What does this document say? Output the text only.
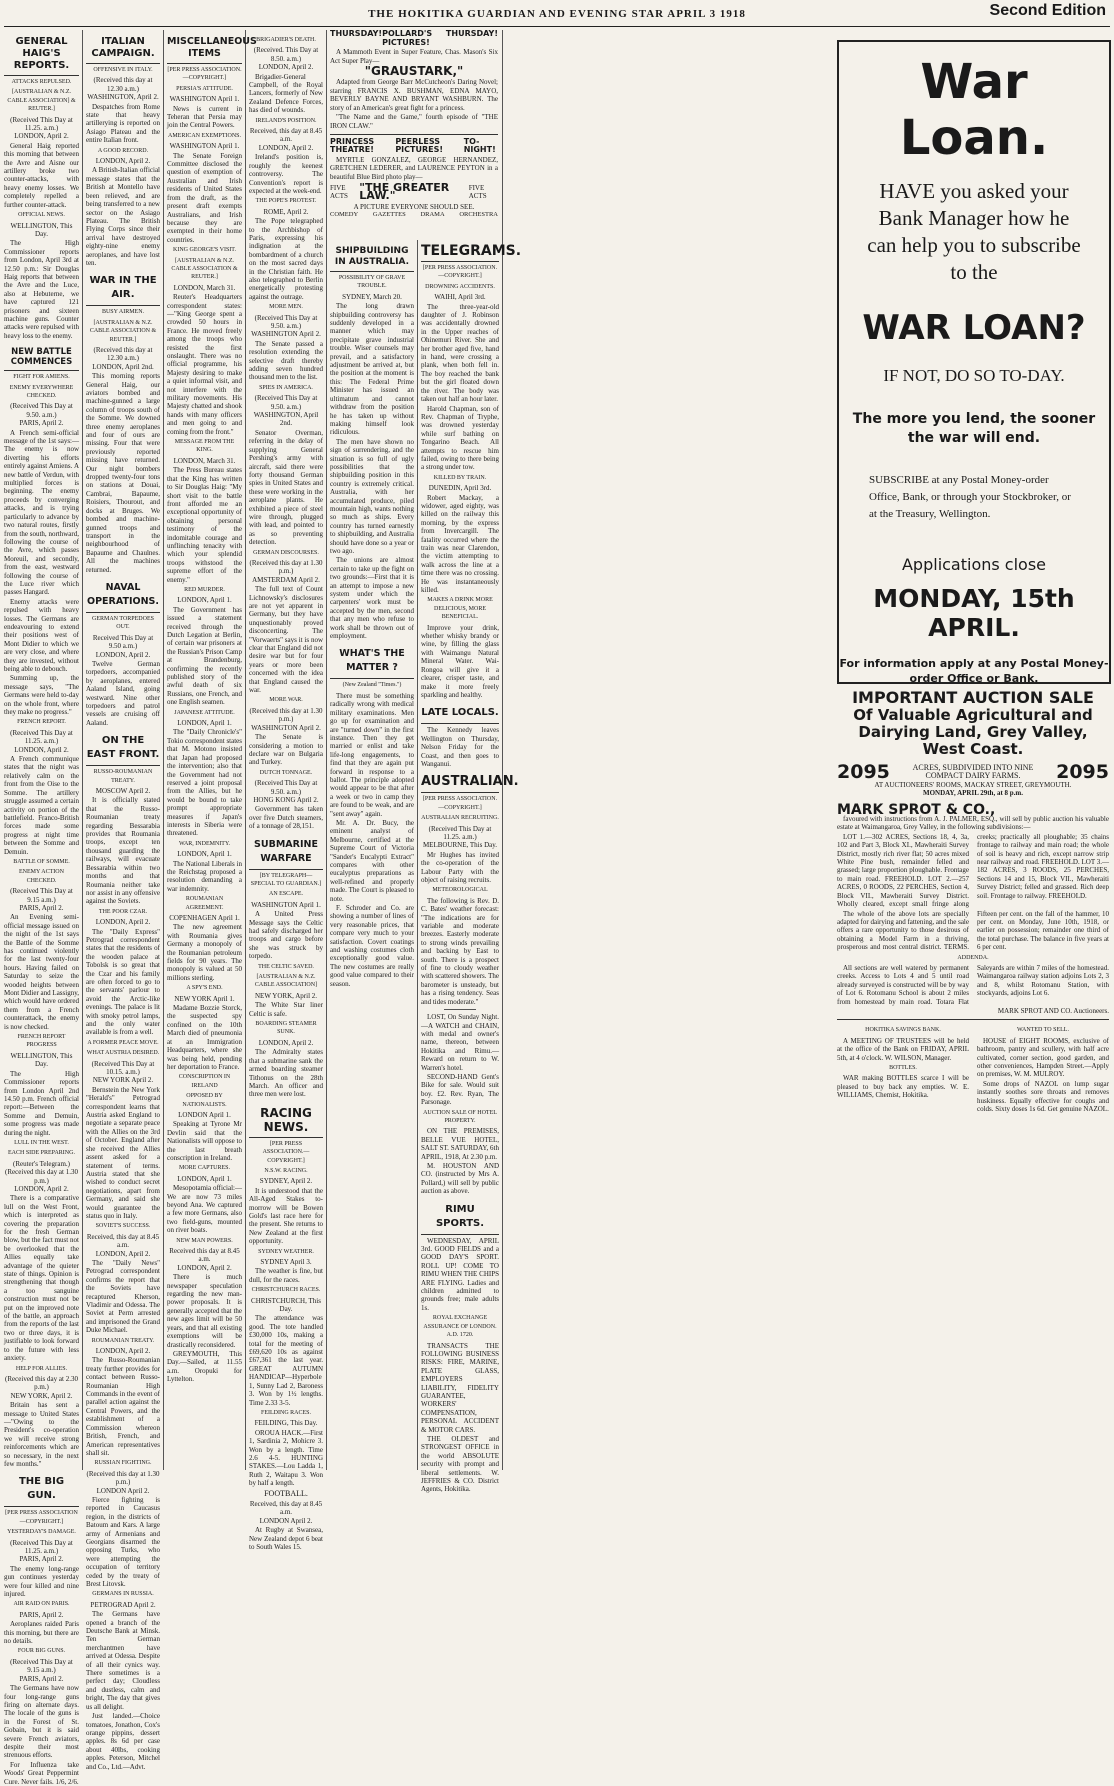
THE HOKITIKA GUARDIAN AND EVENING STAR APRIL 3 1918	Second Edition
GENERAL HAIG'S REPORTS.
ATTACKS REPULSED.
[AUSTRALIAN & N.Z. CABLE ASSOCIATION] & REUTER.]
(Received This Day at 11.25. a.m.)
LONDON, April 2.
General Haig reported this morning that between the Avre and Aisne our artillery broke two counter-attacks, with heavy enemy losses. We completely repelled a further counter-attack.
OFFICIAL NEWS.
WELLINGTON, This Day.
The High Commissioner reports from London, April 3rd at 12.50 p.m.: Sir Douglas Haig reports that between the Avre and the Luce, also at Hebuterne, we have captured 121 prisoners and sixteen machine guns. Counter attacks were repulsed with heavy loss to the enemy.
NEW BATTLE COMMENCES
FIGHT FOR AMIENS.
ENEMY EVERYWHERE CHECKED.
(Received This Day at 9.50. a.m.)
PARIS, April 2.
A French semi-official message of the 1st says:—The enemy is now diverting his efforts entirely against Amiens. A new battle of Verdun, with multiplied forces is beginning. The enemy proceeds by converging attacks, and is trying particularly to advance by two natural routes, firstly from the south, northward, following the course of the Avre, which passes Moreuil, and secondly, from the east, westward following the course of the Luce river which passes Hangard.
Enemy attacks were repulsed with heavy losses. The Germans are endeavouring to extend their positions west of Mont Didier to which we are very close, and where they are invested, without being able to debouch.
Summing up, the message says, "The Germans were held to-day on the whole front, where they make no progress."
FRENCH REPORT.
(Received This Day at 11.25. a.m.)
LONDON, April 2.
A French communique states that the night was relatively calm on the front from the Oise to the Somme. The artillery struggle assumed a certain activity on portion of the battlefield. Franco-British forces made some progress at night time between the Somme and Demuin.
BATTLE OF SOMME.
ENEMY ACTION CHECKED.
(Received This Day at 9.15 a.m.)
PARIS, April 2.
An Evening semi-official message issued on the night of the 1st says the Battle of the Somme has continued violently for the last twenty-four hours. Having failed on Saturday to seize the wooded heights between Mont Didier and Lassigny, which would have ordered them from a French counterattack, the enemy is now checked.
FRENCH REPORT PROGRESS
WELLINGTON, This Day.
The High Commissioner reports from London April 2nd 14.50 p.m. French official report:—Between the Somme and Demuin, some progress was made during the night.
LULL IN THE WEST.
EACH SIDE PREPARING.
(Reuter's Telegram.)
(Received this day at 1.30 p.m.)
LONDON, April 2.
There is a comparative lull on the West Front, which is interpreted as covering the preparation for the fresh German blow, but the fact must not be overlooked that the Allies equally take advantage of the quieter state of things. Opinion is strengthening that though a too sanguine construction must not be put on the improved note of the battle, an approach from the reports of the last two or three days, it is justifiable to look forward to the future with less anxiety.
HELP FOR ALLIES.
(Received this day at 2.30 p.m.)
NEW YORK, April 2.
Britain has sent a message to United States—"Owing to the President's co-operation we will receive strong reinforcements which are so necessary, in the next few months."
THE BIG GUN.
[PER PRESS ASSOCIATION—COPYRIGHT.]
YESTERDAY'S DAMAGE.
(Received This Day at 11.25. a.m.)
PARIS, April 2.
The enemy long-range gun continues yesterday were four killed and nine injured.
AIR RAID ON PARIS.
PARIS, April 2.
Aeroplanes raided Paris this morning, but there are no details.
FOUR BIG GUNS.
(Received This Day at 9.15 a.m.)
PARIS, April 2.
The Germans have now four long-range guns firing on alternate days. The locale of the guns is in the Forest of St. Gobain, but it is said severe French aviators, despite their most strenuous efforts.
For Influenza take Woods' Great Peppermint Cure. Never fails. 1/6, 2/6.
ITALIAN CAMPAIGN.
OFFENSIVE IN ITALY.
(Received this day at 12.30 a.m.)
WASHINGTON, April 2.
Despatches from Rome state that heavy artillerying is reported on Asiago Plateau and the entire Italian front.
A GOOD RECORD.
LONDON, April 2.
A British-Italian official message states that the British at Montello have been relieved, and are being transferred to a new sector on the Asiago Plateau. The British Flying Corps since their arrival have destroyed eighty-nine enemy aeroplanes, and have lost ten.
WAR IN THE AIR.
BUSY AIRMEN.
[AUSTRALIAN & N.Z. CABLE ASSOCIATION & REUTER.]
(Received this day at 12.30 a.m.)
LONDON, April 2nd.
This morning reports General Haig, our aviators bombed and machine-gunned a large column of troops south of the Somme. We downed three enemy aeroplanes and four of ours are missing. Four that were previously reported missing have returned. Our night bombers dropped twenty-four tons on stations at Douai, Cambrai, Bapaume, Roisiers, Thourout, and docks at Bruges. We bombed and machine-gunned troops and transport in the neighbourhood of Bapaume and Chaulnes. All the machines returned.
NAVAL OPERATIONS.
GERMAN TORPEDOES OUT.
Received This Day at 9.50 a.m.)
LONDON, April 2.
Twelve German torpedoers, accompanied by aeroplanes, entered Aaland Island, going westward. Nine other torpedoers and patrol vessels are cruising off Aaland.
ON THE EAST FRONT.
RUSSO-ROUMANIAN TREATY.
MOSCOW April 2.
It is officially stated that the Russo-Roumanian treaty regarding Bessarabia provides that Roumania troops, except ten thousand guarding the railways, will evacuate Bessarabia within two months and that Roumania neither take nor assist in any offensive against the Soviets.
THE POOR CZAR.
LONDON, April 2.
The "Daily Express" Petrograd correspondent states that the residents of the wooden palace at Tobolsk is so great that the Czar and his family are often forced to go to the servants' parlour to avoid the Arctic-like evenings. The palace is lit with smoky petrol lamps, and the only water available is from a well.
A FORMER PEACE MOVE.
WHAT AUSTRIA DESIRED.
(Received This Day at 10.15. a.m.)
NEW YORK April 2.
Bernstein the New York "Herald's" Petrograd correspondent learns that Austria asked England to negotiate a separate peace with the Allies on the 3rd of October. England after she received the Allies assent asked for a statement of terms. Austria stated that she wished to conduct secret negotiations, apart from Germany, and said she would guarantee the status quo in Italy.
SOVIET'S SUCCESS.
Received, this day at 8.45 a.m.
LONDON, April 2.
The "Daily News" Petrograd correspondent confirms the report that the Soviets have recaptured Kherson, Vladimir and Odessa. The Soviet at Perm arrested and imprisoned the Grand Duke Michael.
ROUMANIAN TREATY.
LONDON, April 2.
The Russo-Roumanian treaty further provides for contact between Russo-Roumanian High Commands in the event of parallel action against the Central Powers, and the establishment of a Commission whereon British, French, and American representatives shall sit.
RUSSIAN FIGHTING.
(Received this day at 1.30 p.m.)
LONDON April 2.
Fierce fighting is reported in Caucasus region, in the districts of Batoum and Kars. A large army of Armenians and Georgians disarmed the opposing Turks, who were attempting the occupation of territory ceded by the treaty of Brest Litovsk.
GERMANS IN RUSSIA.
PETROGRAD April 2.
The Germans have opened a branch of the Deutsche Bank at Minsk. Ten German merchantmen have arrived at Odessa. Despite of all their cynics way. There sometimes is a perfect day; Cloudless and dustless, calm and bright, The day that gives us all delight.
Just landed.—Choice tomatoes, Jonathon, Cox's orange pippins, dessert apples. 8s 6d per case about 40lbs, cooking apples. Peterson, Mitchel and Co., Ltd.—Advt.
MISCELLANEOUS ITEMS
[PER PRESS ASSOCIATION.—COPYRIGHT.]
PERSIA'S ATTITUDE.
WASHINGTON April 1.
News is current in Teheran that Persia may join the Central Powers.
AMERICAN EXEMPTIONS.
WASHINGTON April 1.
The Senate Foreign Committee disclosed the question of exemption of Australian and Irish residents of United States from the draft, as the present draft exempts Australians, and Irish because they are exempted in their home countries.
KING GEORGE'S VISIT.
[AUSTRALIAN & N.Z. CABLE ASSOCIATION & REUTER.]
LONDON, March 31.
Reuter's Headquarters correspondent states:—"King George spent a crowded 50 hours in France. He moved freely among the troops who resisted the first onslaught. There was no official programme, his Majesty desiring to make a quiet informal visit, and not interfere with the military movements. His Majesty chatted and shook hands with many officers and men going to and coming from the front."
MESSAGE FROM THE KING.
LONDON, March 31.
The Press Bureau states that the King has written to Sir Douglas Haig: "My short visit to the battle front afforded me an exceptional opportunity of obtaining personal testimony of the indomitable courage and unflinching tenacity with which your splendid troops withstood the supreme effort of the enemy."
RED MURDER.
LONDON, April 1.
The Government has issued a statement received through the Dutch Legation at Berlin, of certain war prisoners at the Russian's Prison Camp at Brandenburg, confirming the recently published story of the awful death of six Russians, one French, and one English seamen.
JAPANESE ATTITUDE.
LONDON, April 1.
The "Daily Chronicle's" Tokio correspondent states that M. Motono insisted that Japan had proposed the intervention; also that the Government had not reserved a joint proposal from the Allies, but he would be bound to take prompt appropriate measures if Japan's interests in Siberia were threatened.
WAR, INDEMNITY.
LONDON, April 1.
The National Liberals in the Reichstag proposed a resolution demanding a war indemnity.
ROUMANIAN AGREEMENT.
COPENHAGEN April 1.
The new agreement with Roumania gives Germany a monopoly of the Roumanian petroleum fields for 90 years. The monopoly is valued at 50 millions sterling.
A SPY'S END.
NEW YORK April 1.
Madame Bozzie Storck, the suspected spy confined on the 10th March died of pneumonia at an Immigration Headquarters, where she was being held, pending her deportation to France.
CONSCRIPTION IN IRELAND
OPPOSED BY NATIONALISTS.
LONDON April 1.
Speaking at Tyrone Mr Devlin said that the Nationalists will oppose to the last breath conscription in Ireland.
MORE CAPTURES.
LONDON, April 1.
Mesopotamia official:—We are now 73 miles beyond Ana. We captured a few more Germans, also two field-guns, mounted on river boats.
NEW MAN POWERS.
Received this day at 8.45 a.m.
LONDON, April 2.
There is much newspaper speculation regarding the new man-power proposals. It is generally accepted that the new ages limit will be 50 years, and that all existing exemptions will be drastically reconsidered.
GREYMOUTH, This Day.—Sailed, at 11.55 a.m. Oropuki for Lyttelton.
BRIGADIER'S DEATH.
(Received. This Day at 8.50. a.m.)
LONDON, April 2.
Brigadier-General Campbell, of the Royal Lancers, formerly of New Zealand Defence Forces, has died of wounds.
IRELAND'S POSITION.
Received, this day at 8.45 a.m.
LONDON, April 2.
Ireland's position is, roughly the keenest controversy. The Convention's report is expected at the week-end.
THE POPE'S PROTEST.
ROME, April 2.
The Pope telegraphed to the Archbishop of Paris, expressing his indignation at the bombardment of a church on the most sacred days in the Christian faith. He also telegraphed to Berlin energetically protesting against the outrage.
MORE MEN.
(Received This Day at 9.50. a.m.)
WASHINGTON April 2.
The Senate passed a resolution extending the selective draft thereby adding seven hundred thousand men to the list.
SPIES IN AMERICA.
(Received This Day at 9.50. a.m.)
WASHINGTON, April 2nd.
Senator Overman, referring in the delay of supplying General Pershing's army with aircraft, said there were forty thousand German spies in United States and these were working in the aeroplane plants. He exhibited a piece of steel wire through, plugged with lead, and pointed to as so preventing detection.
GERMAN DISCOURSES.
(Received this day at 1.30 p.m.)
AMSTERDAM April 2.
The full text of Count Lichnowsky's disclosures are not yet apparent in Germany, but they have unquestionably proved disconcerting. The "Vorwaerts" says it is now clear that England did not desire war but for four years or more been concerned with the idea that England caused the war.
MORE WAR.
(Received this day at 1.30 p.m.)
WASHINGTON April 2.
The Senate is considering a motion to declare war on Bulgaria and Turkey.
DUTCH TONNAGE.
(Received This Day at 9.50. a.m.)
HONG KONG April 2.
Government has taken over five Dutch steamers, of a tonnage of 28,151.
SUBMARINE WARFARE
[BY TELEGRAPH—SPECIAL TO GUARDIAN.]
AN ESCAPE.
WASHINGTON April 1.
A United Press Message says the Celtic had safely discharged her troops and cargo before she was struck by torpedo.
THE CELTIC SAVED.
[AUSTRALIAN & N.Z. CABLE ASSOCIATION]
NEW YORK, April 2.
The White Star liner Celtic is safe.
BOARDING STEAMER SUNK.
LONDON, April 2.
The Admiralty states that a submarine sank the armed boarding steamer Tithonus on the 28th March. An officer and three men were lost.
RACING NEWS.
[PER PRESS ASSOCIATION.—COPYRIGHT.]
N.S.W. RACING.
SYDNEY, April 2.
It is understood that the All-Aged Stakes to-morrow will be Bowen Gold's last race here for the present. She returns to New Zealand at the first opportunity.
SYDNEY WEATHER.
SYDNEY April 3.
The weather is fine, but dull, for the races.
CHRISTCHURCH RACES.
CHRISTCHURCH, This Day.
The attendance was good. The tote handled £30,000 10s, making a total for the meeting of £69,620 10s as against £67,361 the last year. GREAT AUTUMN HANDICAP—Hyperbole 1, Sunny Lad 2, Baroness 3. Won by 1½ lengths. Time 2.33 3-5.
FEILDING RACES.
FEILDING, This Day.
OROUA HACK.—First 1, Sardinia 2, Mohicre 3. Won by a length. Time 2.6 4-5. HUNTING STAKES.—Lou Ladda 1, Ruth 2, Waitapu 3. Won by half a length.
FOOTBALL.
Received, this day at 8.45 a.m.
LONDON April 2.
At Rugby at Swansea, New Zealand depot 6 beat to South Wales 15.
THURSDAY! POLLARD'S PICTURES!
THURSDAY!
A Mammoth Event in Super Feature, Chas. Mason's Six Act Super Play—
"GRAUSTARK,"
Adapted from George Barr McCutcheon's Daring Novel; starring FRANCIS X. BUSHMAN, EDNA MAYO, BEVERLY BAYNE AND BRYANT WASHBURN. The story of an American's great fight for a princess.
"The Name and the Game," fourth episode of "THE IRON CLAW."
PRINCESS THEATRE!
PEERLESS PICTURES!
TO-NIGHT!
MYRTLE GONZALEZ, GEORGE HERNANDEZ, GRETCHEN LEDERER, and LAURENCE PEYTON in a beautiful Blue Bird photo play—
FIVE ACTS
"THE GREATER LAW."
FIVE ACTS
A PICTURE EVERYONE SHOULD SEE.
COMEDY GAZETTES DRAMA ORCHESTRA
SHIPBUILDING IN AUSTRALIA.
POSSIBILITY OF GRAVE TROUBLE.
SYDNEY, March 20.
The long drawn shipbuilding controversy has suddenly developed in a manner which may precipitate grave industrial trouble. Wiser counsels may prevail, and a satisfactory adjustment be arrived at, but the position at the moment is this: The Federal Prime Minister has issued an ultimatum and cannot withdraw from the position he has taken up without making himself look ridiculous.
The men have shown no sign of surrendering, and the situation is so full of ugly possibilities that the shipbuilding position in this country is extremely critical. Australia, with her accumulated produce, piled mountain high, wants nothing so much as ships. Every country has turned earnestly to shipbuilding, and Australia should have done so a year or two ago.
The unions are almost certain to take up the fight on two grounds:—First that it is an attempt to impose a new system under which the carpenters' work must be accepted by the men, second that any men who refuse to work shall be thrown out of employment.
WHAT'S THE MATTER ?
(New Zealand "Times.")
There must be something radically wrong with medical military examinations. Men go up for examination and are "turned down" in the first instance. Then they get married or enlist and take life-long engagements, to find that they are again put forward in response to a ballot. The principle adopted would appear to be that after a week or two in camp they are found to be weak, and are "sent away" again.
Mr. A. Dr. Bucy, the eminent analyst of Melbourne, certified at the Supreme Court of Victoria "Sander's Eucalypti Extract" compares with other eucalyptus preparations as well-refined and properly made. The Court is pleased to note.
F. Schroder and Co. are showing a number of lines of very reasonable prices, that compare very much to your satisfaction. Covert coatings and washing costumes cloth exceptionally good value. The new costumes are really good value compared to their season.
TELEGRAMS.
[PER PRESS ASSOCIATION.—COPYRIGHT.]
DROWNING ACCIDENTS.
WAIHI, April 3rd.
The three-year-old daughter of J. Robinson was accidentally drowned in the Upper reaches of Ohinemuri River. She and her brother aged five, hand in hand, were crossing a plank, when both fell in. The boy reached the bank but the girl floated down the river. The body was taken out half an hour later.
Harold Chapman, son of Rev. Chapman of Tryphe, was drowned yesterday while surf bathing on Tongarino Beach. All attempts to rescue him failed, owing to there being a strong under tow.
KILLED BY TRAIN.
DUNEDIN, April 3rd.
Robert Mackay, a widower, aged eighty, was killed on the railway this morning, by the express from Invercargill. The fatality occurred where the train was near Clarendon, the victim attempting to walk across the line at a time there was no crossing. He was instantaneously killed.
MAKES A DRINK MORE DELICIOUS, MORE BENEFICIAL.
Improve your drink, whether whisky brandy or wine, by filling the glass with Waimangu Natural Mineral Water. Wai-Rongoa will give it a clearer, crisper taste, and make it more freely sparkling and healthy.
LATE LOCALS.
The Kennedy leaves Wellington on Thursday, Nelson Friday for the Coast, and then goes to Wanganui.
AUSTRALIAN.
[PER PRESS ASSOCIATION.—COPYRIGHT.]
AUSTRALIAN RECRUITING.
(Received This Day at 11.25. a.m.)
MELBOURNE, This Day.
Mr Hughes has invited the co-operation of the Labour Party with the object of raising recruits.
METEOROLOGICAL
The following is Rev. D. C. Bates' weather forecast: "The indications are for variable and moderate breezes. Easterly moderate to strong winds prevailing and backing by East to south. There is a prospect of fine to cloudy weather with scattered showers. The barometer is unsteady, but has a rising tendency. Seas and tides moderate."
LOST, On Sunday Night.—A WATCH and CHAIN, with medal and owner's name, thereon, between Hokitika and Rimu.—Reward on return to W. Warren's hotel.
SECOND-HAND Gent's Bike for sale. Would suit boy. £2. Rev. Ryan, The Parsonage.
AUCTION SALE OF HOTEL PROPERTY.
ON THE PREMISES, BELLE VUE HOTEL, SALT ST. SATURDAY, 6th APRIL, 1918, At 2.30 p.m.
M. HOUSTON AND CO. (instructed by Mrs A. Pollard,) will sell by public auction as above.
RIMU SPORTS.
WEDNESDAY, APRIL 3rd. GOOD FIELDS and a GOOD DAY'S SPORT. ROLL UP! COME TO RIMU WHEN THE CHIPS ARE FLYING. Ladies and children admitted to grounds free; male adults 1s.
ROYAL EXCHANGE ASSURANCE OF LONDON. A.D. 1720.
TRANSACTS THE FOLLOWING BUSINESS RISKS: FIRE, MARINE, PLATE GLASS, EMPLOYERS LIABILITY, FIDELITY GUARANTEE, WORKERS' COMPENSATION, PERSONAL ACCIDENT & MOTOR CARS.
THE OLDEST and STRONGEST OFFICE in the world ABSOLUTE security with prompt and liberal settlements. W. JEFFRIES & CO. District Agents, Hokitika.
War Loan.
HAVE you asked your Bank Manager how he can help you to subscribe to the
WAR LOAN?
IF NOT, DO SO TO-DAY.
The more you lend, the sooner the war will end.
SUBSCRIBE at any Postal Money-order Office, Bank, or through your Stockbroker, or at the Treasury, Wellington.
Applications close
MONDAY, 15th APRIL.
For information apply at any Postal Money-order Office or Bank.
IMPORTANT AUCTION SALE
Of Valuable Agricultural and Dairying Land, Grey Valley, West Coast.
2095	ACRES, SUBDIVIDED INTO NINE COMPACT DAIRY FARMS.	2095
AT AUCTIONEERS' ROOMS, MACKAY STREET, GREYMOUTH.
MONDAY, APRIL 29th, at 8 p.m.
MARK SPROT & CO.,
favoured with instructions from A. J. PALMER, ESQ., will sell by public auction his valuable estate at Waimangaroa, Grey Valley, in the following subdivisions:—
LOT 1.—302 ACRES, Sections 18, 4, 3a, 102 and Part 3, Block XI., Mawheraiti Survey District, mostly rich river flat; 50 acres mixed White Pine bush, remainder felled and grassed; large proportion ploughable. Frontage to main road. FREEHOLD. LOT 2.—257 ACRES, 0 ROODS, 22 PERCHES, Section 4, Block VII., Mawheraiti Survey District. Wholly cleared, except small fringe along creeks; practically all ploughable; 35 chains frontage to railway and main road; the whole of soil is heavy and rich, except narrow strip near railway and road. FREEHOLD. LOT 3.—182 ACRES, 3 ROODS, 25 PERCHES, Sections 14 and 15, Block VII., Mawheraiti Survey District; felled and grassed. Rich deep soil. Frontage to railway. FREEHOLD.
The whole of the above lots are specially adapted for dairying and fattening, and the sale offers a rare opportunity to those desirous of obtaining a Model Farm in a thriving, prosperous and most central district. TERMS. Fifteen per cent. on the fall of the hammer, 10 per cent. on Monday, June 10th, 1918, or earlier on possession; remainder one third of the total purchase. The balance in five years at 6 per cent.
ADDENDA.
All sections are well watered by permanent creeks. Access to Lots 4 and 5 until road already surveyed is constructed will be by way of Lot 6. Rotomanu School is about 2 miles from homestead by main road. Totara Flat Saleyards are within 7 miles of the homestead. Waimangaroa railway station adjoins Lots 2, 3 and 8, whilst Rotomanu Station, with stockyards, adjoins Lot 6.
MARK SPROT AND CO. Auctioneers.
HOKITIKA SAVINGS BANK.
A MEETING OF TRUSTEES will be held at the office of the Bank on FRIDAY, APRIL 5th, at 4 o'clock. W. WILSON, Manager.
BOTTLES.
WAR making BOTTLES scarce I will be pleased to buy back any empties. W. E. WILLIAMS, Chemist, Hokitika.
WANTED TO SELL.
HOUSE of EIGHT ROOMS, exclusive of bathroom, pantry and scullery, with half acre cultivated, corner section, good garden, and other conveniences, Hampden Street.—Apply on premises, W. M. MULROY.
Some drops of NAZOL on lump sugar instantly soothes sore throats and removes huskiness. Equally effective for coughs and colds. Sixty doses 1s 6d. Get genuine NAZOL.
